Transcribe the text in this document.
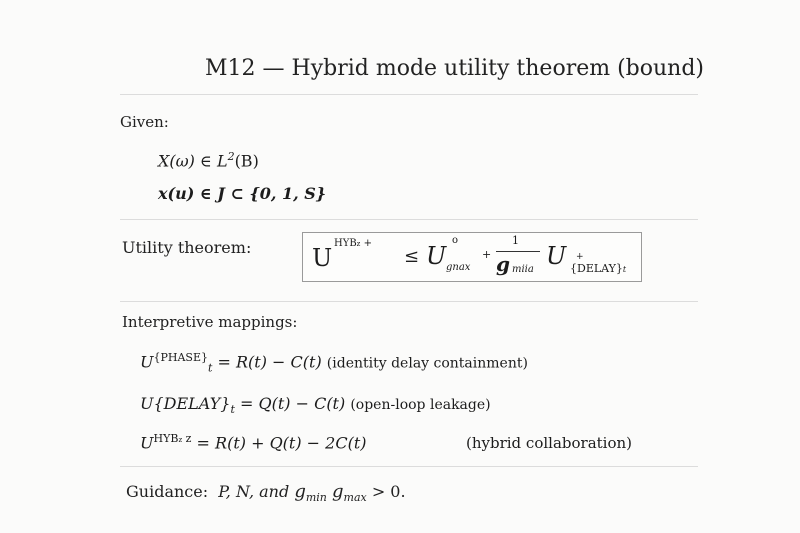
M12 — Hybrid mode utility theorem (bound)
Given:
X(ω) ∈ $L^2(B)$
x(u) ∈ J ⊂ {0, 1, S}
Utility theorem:	U
HYBz +
≤ U
o
gnax
+
1
g miia U +
{DELAY}t
Interpretive mappings:
$U^{\{PHASE\}}_t = R(t) - C(t)$ (identity delay containment)
$U\{DELAY\}_t = Q(t) - C(t)$ (open-loop leakage)
$U^{HYBz z} = R(t) + Q(t) - 2C(t)$	(hybrid collaboration)
Guidance: P, N, and $g_{min}$ $g_{max} > 0$.
